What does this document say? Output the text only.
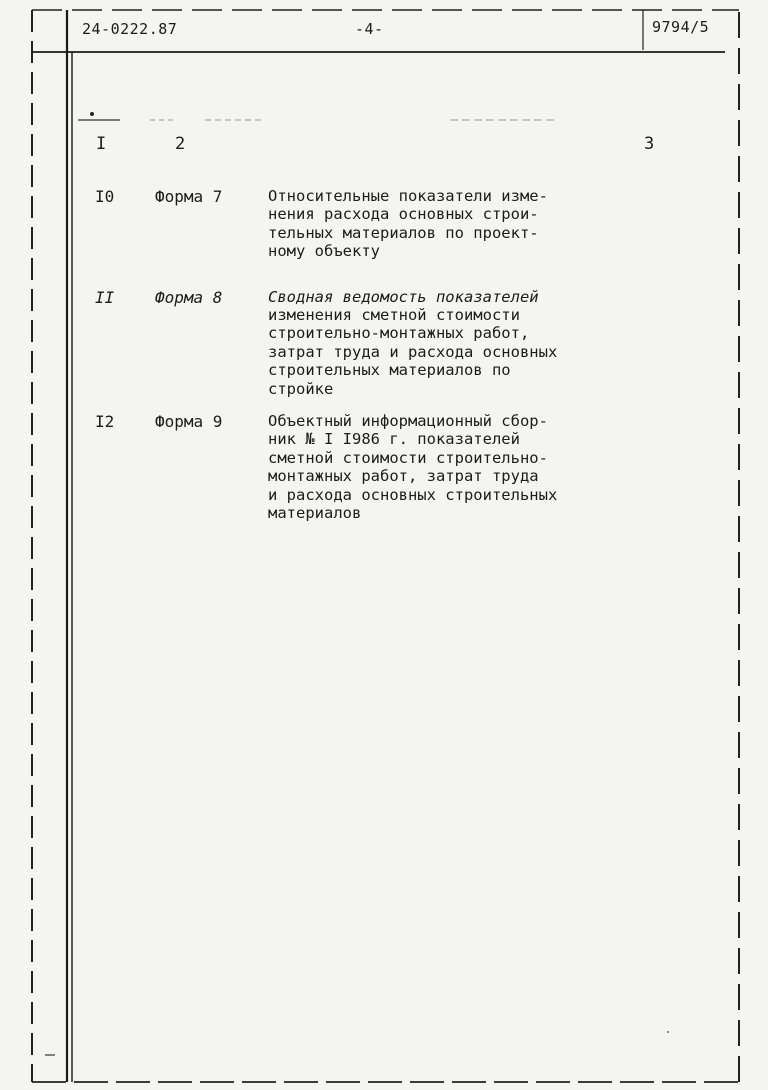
24-0222.87	-4-	9794/5
I	2	3
I0	Форма 7	Относительные показатели изме-
нения расхода основных строи-
тельных материалов по проект-
ному объекту
II	Форма 8	Сводная ведомость показателей
изменения сметной стоимости
строительно-монтажных работ,
затрат труда и расхода основных
строительных материалов по
стройке
I2	Форма 9	Объектный информационный сбор-
ник № I I986 г. показателей
сметной стоимости строительно-
монтажных работ, затрат труда
и расхода основных строительных
материалов
